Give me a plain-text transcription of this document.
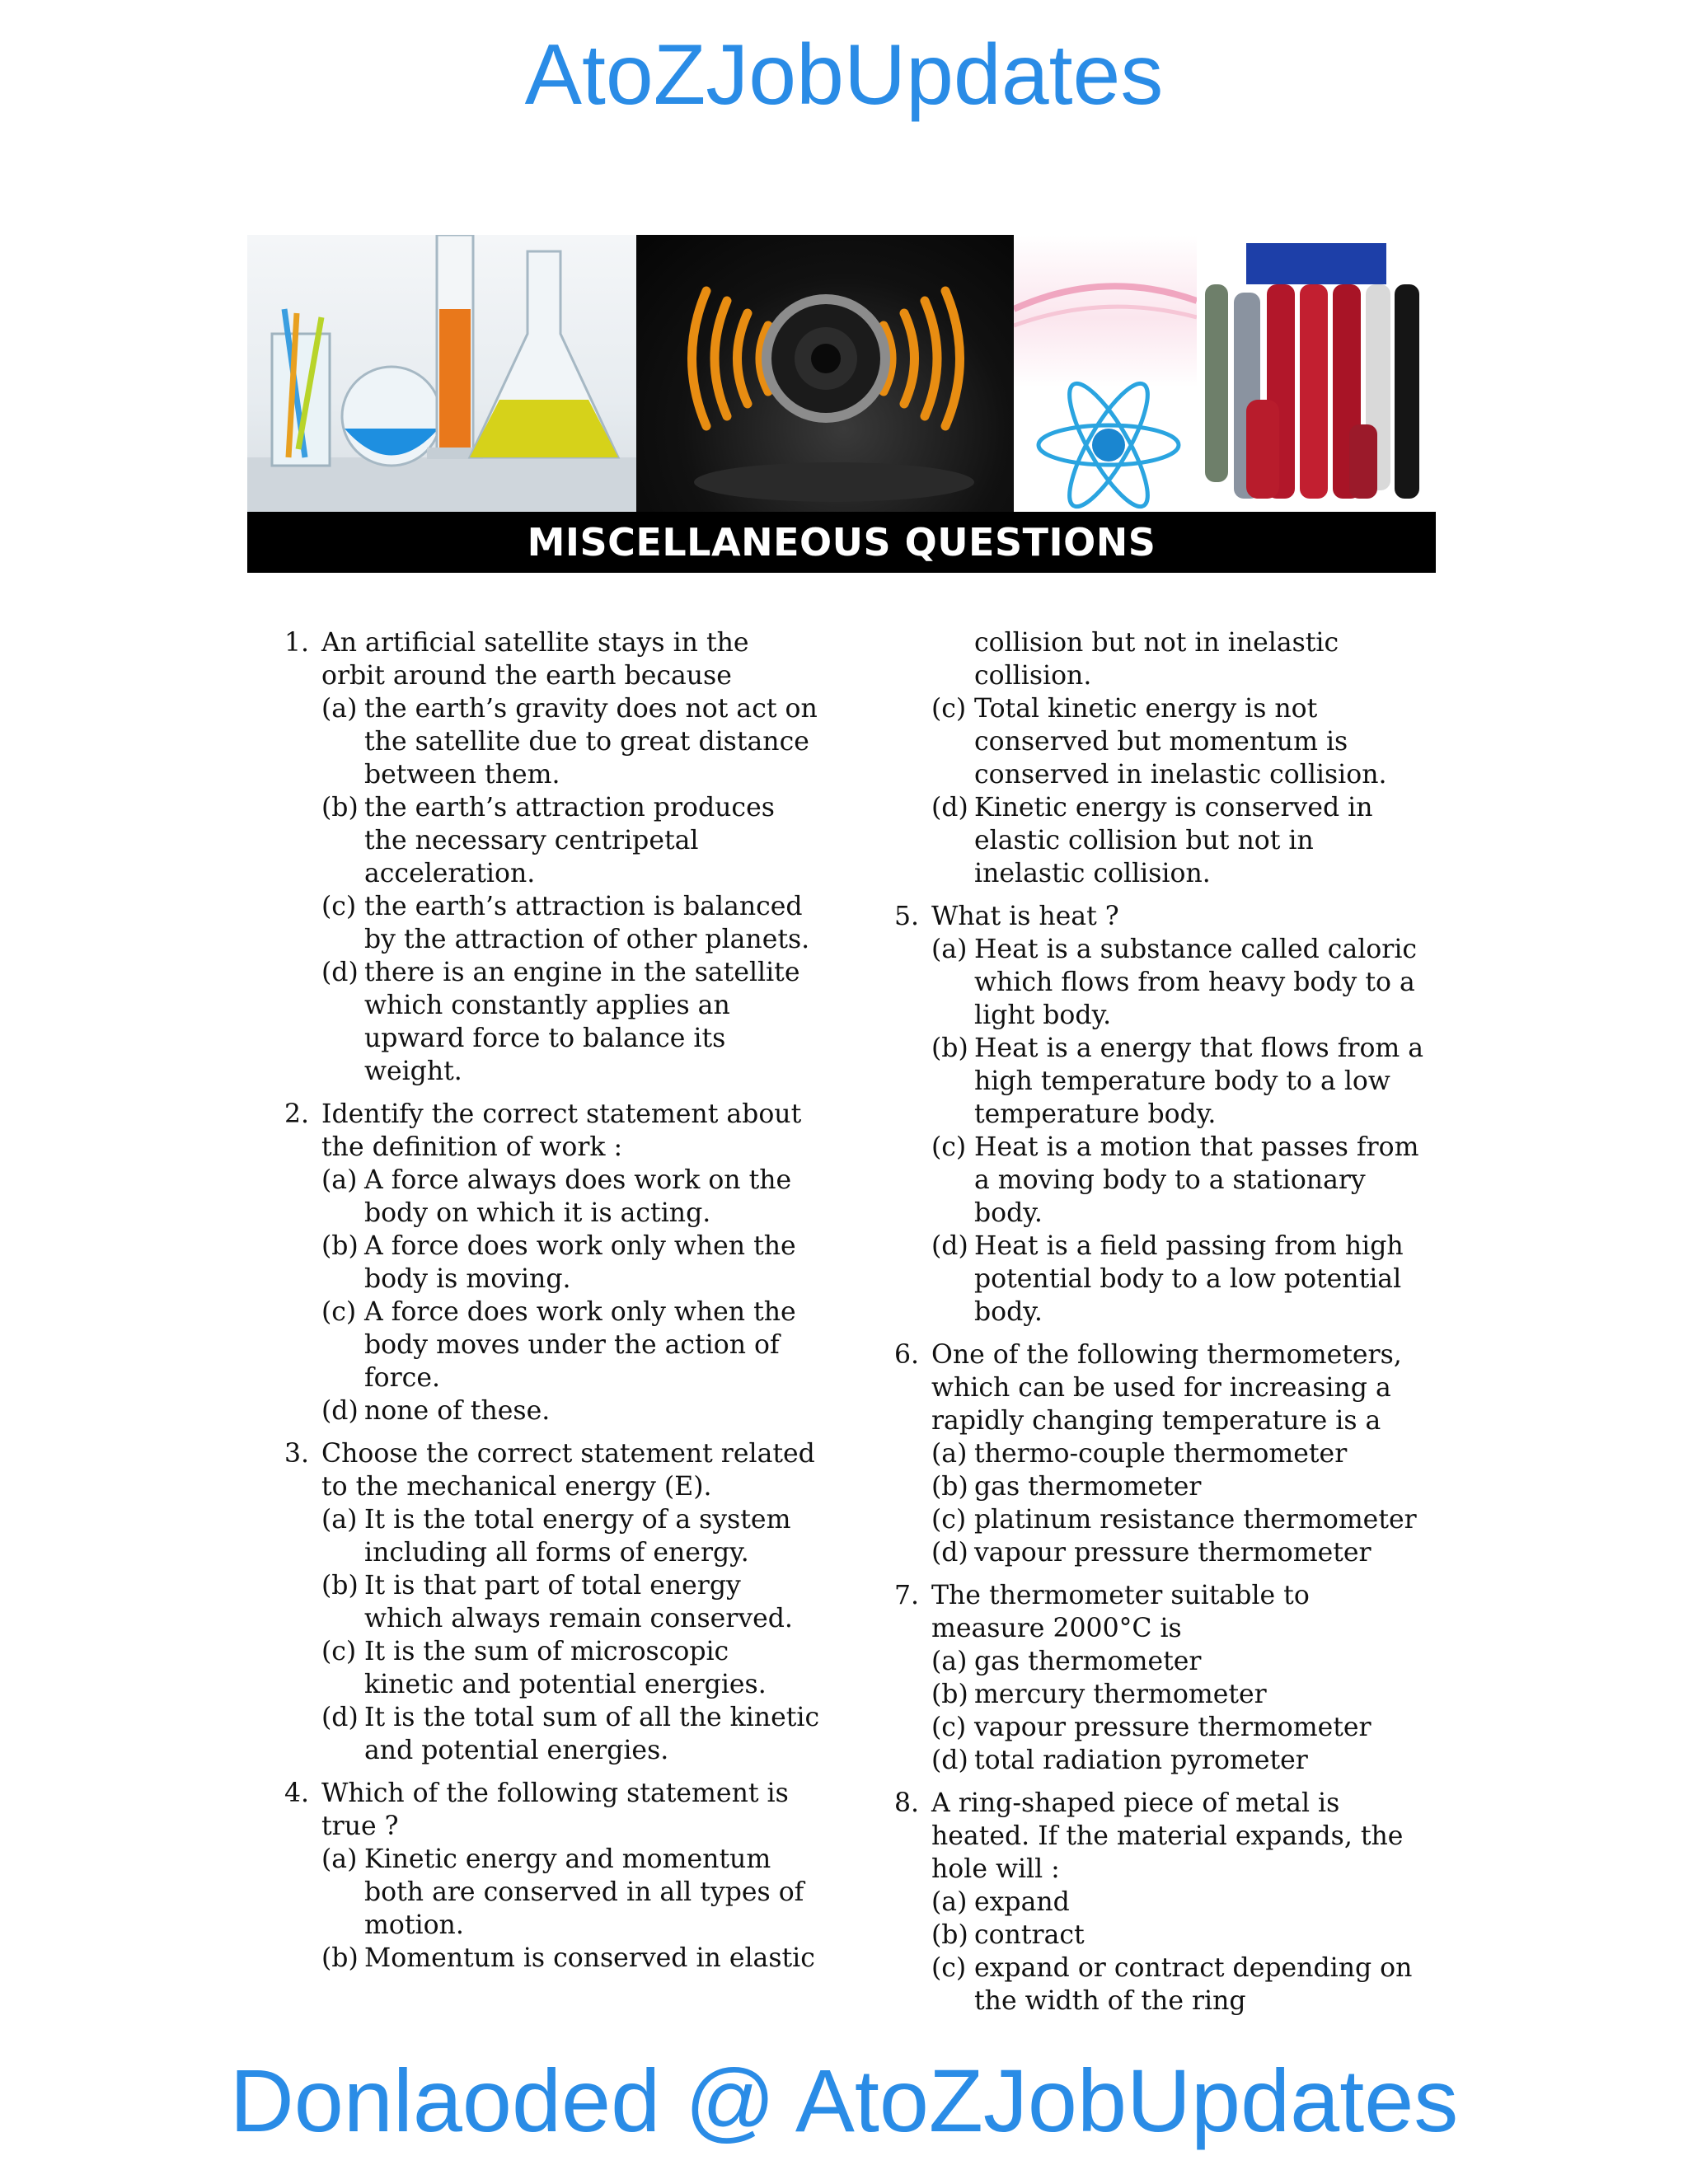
AtoZJobUpdates
MISCELLANEOUS QUESTIONS
1. An artificial satellite stays in the orbit around the earth because
(a) the earth’s gravity does not act on the satellite due to great distance between them.
(b) the earth’s attraction produces the necessary centripetal acceleration.
(c) the earth’s attraction is balanced by the attraction of other planets.
(d) there is an engine in the satellite which constantly applies an upward force to balance its weight.
2. Identify the correct statement about the definition of work :
(a) A force always does work on the body on which it is acting.
(b) A force does work only when the body is moving.
(c) A force does work only when the body moves under the action of force.
(d) none of these.
3. Choose the correct statement related to the mechanical energy (E).
(a) It is the total energy of a system including all forms of energy.
(b) It is that part of total energy which always remain conserved.
(c) It is the sum of microscopic kinetic and potential energies.
(d) It is the total sum of all the kinetic and potential energies.
4. Which of the following statement is true ?
(a) Kinetic energy and momentum both are conserved in all types of motion.
(b) Momentum is conserved in elastic
collision but not in inelastic collision.
(c) Total kinetic energy is not conserved but momentum is conserved in inelastic collision.
(d) Kinetic energy is conserved in elastic collision but not in inelastic collision.
5. What is heat ?
(a) Heat is a substance called caloric which flows from heavy body to a light body.
(b) Heat is a energy that flows from a high temperature body to a low temperature body.
(c) Heat is a motion that passes from a moving body to a stationary body.
(d) Heat is a field passing from high potential body to a low potential body.
6. One of the following thermometers, which can be used for increasing a rapidly changing temperature is a
(a) thermo-couple thermometer
(b) gas thermometer
(c) platinum resistance thermometer
(d) vapour pressure thermometer
7. The thermometer suitable to measure 2000°C is
(a) gas thermometer
(b) mercury thermometer
(c) vapour pressure thermometer
(d) total radiation pyrometer
8. A ring-shaped piece of metal is heated. If the material expands, the hole will :
(a) expand
(b) contract
(c) expand or contract depending on the width of the ring
Donlaoded @ AtoZJobUpdates
